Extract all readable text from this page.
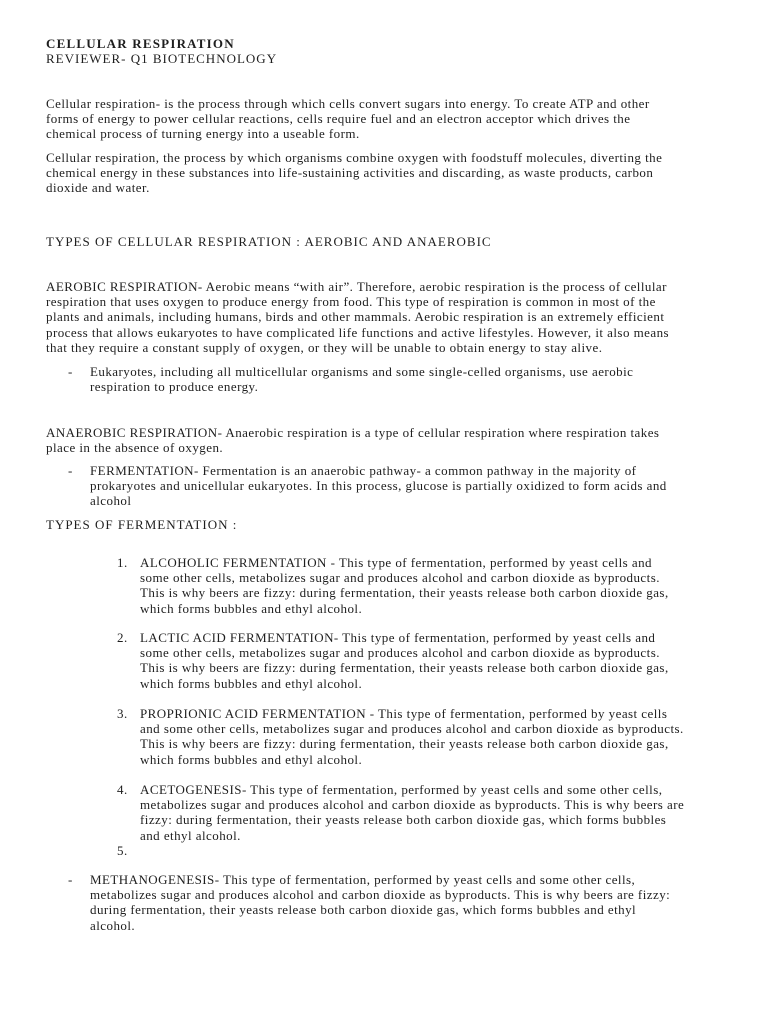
CELLULAR RESPIRATION
REVIEWER- Q1 BIOTECHNOLOGY
Cellular respiration- is the process through which cells convert sugars into energy. To create ATP and other
forms of energy to power cellular reactions, cells require fuel and an electron acceptor which drives the
chemical process of turning energy into a useable form.
Cellular respiration, the process by which organisms combine oxygen with foodstuff molecules, diverting the
chemical energy in these substances into life-sustaining activities and discarding, as waste products, carbon
dioxide and water.
TYPES OF CELLULAR RESPIRATION : AEROBIC AND ANAEROBIC
AEROBIC RESPIRATION- Aerobic means “with air”. Therefore, aerobic respiration is the process of cellular
respiration that uses oxygen to produce energy from food. This type of respiration is common in most of the
plants and animals, including humans, birds and other mammals. Aerobic respiration is an extremely efficient
process that allows eukaryotes to have complicated life functions and active lifestyles. However, it also means
that they require a constant supply of oxygen, or they will be unable to obtain energy to stay alive.
-	Eukaryotes, including all multicellular organisms and some single-celled organisms, use aerobic
respiration to produce energy.
ANAEROBIC RESPIRATION- Anaerobic respiration is a type of cellular respiration where respiration takes
place in the absence of oxygen.
-	FERMENTATION- Fermentation is an anaerobic pathway- a common pathway in the majority of
prokaryotes and unicellular eukaryotes. In this process, glucose is partially oxidized to form acids and
alcohol
TYPES OF FERMENTATION :
1. ALCOHOLIC FERMENTATION - This type of fermentation, performed by yeast cells and
some other cells, metabolizes sugar and produces alcohol and carbon dioxide as byproducts.
This is why beers are fizzy: during fermentation, their yeasts release both carbon dioxide gas,
which forms bubbles and ethyl alcohol.
2. LACTIC ACID FERMENTATION- This type of fermentation, performed by yeast cells and
some other cells, metabolizes sugar and produces alcohol and carbon dioxide as byproducts.
This is why beers are fizzy: during fermentation, their yeasts release both carbon dioxide gas,
which forms bubbles and ethyl alcohol.
3. PROPRIONIC ACID FERMENTATION - This type of fermentation, performed by yeast cells
and some other cells, metabolizes sugar and produces alcohol and carbon dioxide as byproducts.
This is why beers are fizzy: during fermentation, their yeasts release both carbon dioxide gas,
which forms bubbles and ethyl alcohol.
4. ACETOGENESIS- This type of fermentation, performed by yeast cells and some other cells,
metabolizes sugar and produces alcohol and carbon dioxide as byproducts. This is why beers are
fizzy: during fermentation, their yeasts release both carbon dioxide gas, which forms bubbles
and ethyl alcohol.
5.
-	METHANOGENESIS- This type of fermentation, performed by yeast cells and some other cells,
metabolizes sugar and produces alcohol and carbon dioxide as byproducts. This is why beers are fizzy:
during fermentation, their yeasts release both carbon dioxide gas, which forms bubbles and ethyl
alcohol.
